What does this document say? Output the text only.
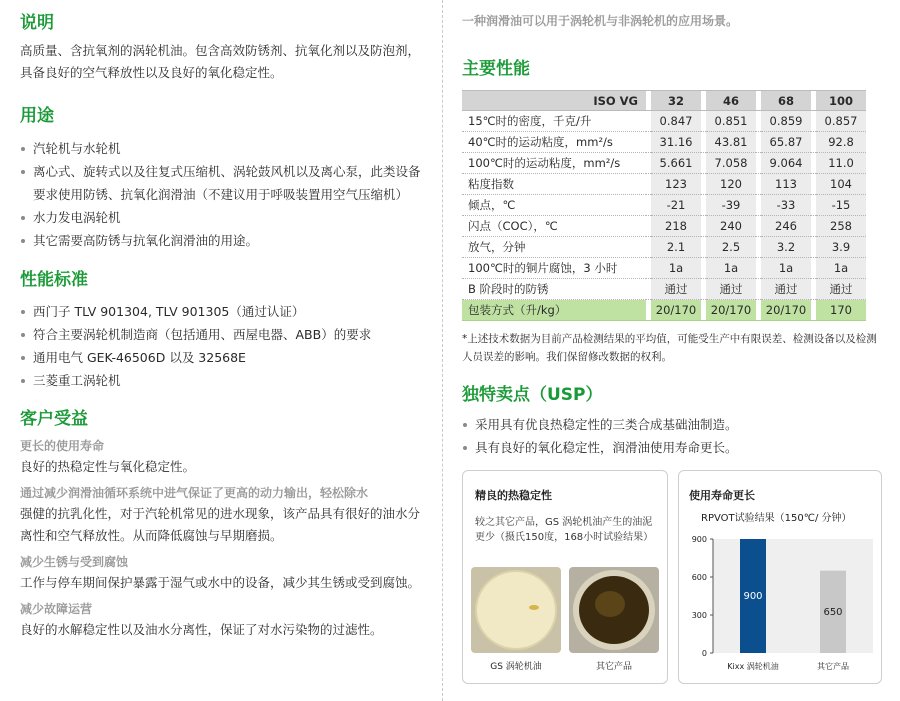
说明

高质量、含抗氧剂的涡轮机油。包含高效防锈剂、抗氧化剂以及防泡剂，具备良好的空气释放性以及良好的氧化稳定性。

用途
汽轮机与水轮机
离心式、旋转式以及往复式压缩机、涡轮鼓风机以及离心泵，此类设备要求使用防锈、抗氧化润滑油（不建议用于呼吸装置用空气压缩机）
水力发电涡轮机
其它需要高防锈与抗氧化润滑油的用途。
性能标准
西门子 TLV 901304, TLV 901305（通过认证）
符合主要涡轮机制造商（包括通用、西屋电器、ABB）的要求
通用电气 GEK-46506D 以及 32568E
三菱重工涡轮机
客户受益
更长的使用寿命

良好的热稳定性与氧化稳定性。

通过减少润滑油循环系统中进气保证了更高的动力输出，轻松除水

强健的抗乳化性，对于汽轮机常见的进水现象，该产品具有很好的油水分离性和空气释放性。从而降低腐蚀与早期磨损。

减少生锈与受到腐蚀

工作与停车期间保护暴露于湿气或水中的设备，减少其生锈或受到腐蚀。

减少故障运营

良好的水解稳定性以及油水分离性，保证了对水污染物的过滤性。

一种润滑油可以用于涡轮机与非涡轮机的应用场景。
主要性能
ISO VG		32		46		68		100
15℃时的密度，千克/升		0.847		0.851		0.859		0.857
40℃时的运动粘度，mm²/s		31.16		43.81		65.87		92.8
100℃时的运动粘度，mm²/s		5.661		7.058		9.064		11.0
粘度指数		123		120		113		104
倾点，℃		-21		-39		-33		-15
闪点（COC），℃		218		240		246		258
放气，分钟		2.1		2.5		3.2		3.9
100℃时的铜片腐蚀，3 小时		1a		1a		1a		1a
B 阶段时的防锈		通过		通过		通过		通过
包装方式（升/kg）		20/170		20/170		20/170		170

*上述技术数据为目前产品检测结果的平均值，可能受生产中有限误差、检测设备以及检测人员误差的影响。我们保留修改数据的权利。

独特卖点（USP）
采用具有优良热稳定性的三类合成基础油制造。
具有良好的氧化稳定性，润滑油使用寿命更长。
精良的热稳定性
较之其它产品，GS 涡轮机油产生的油泥更少（摄氏150度，168小时试验结果）
GS 涡轮机油	其它产品
使用寿命更长
RPVOT试验结果（150℃/ 分钟）
0
300
600
900
900
Kixx 涡轮机油
650
其它产品
